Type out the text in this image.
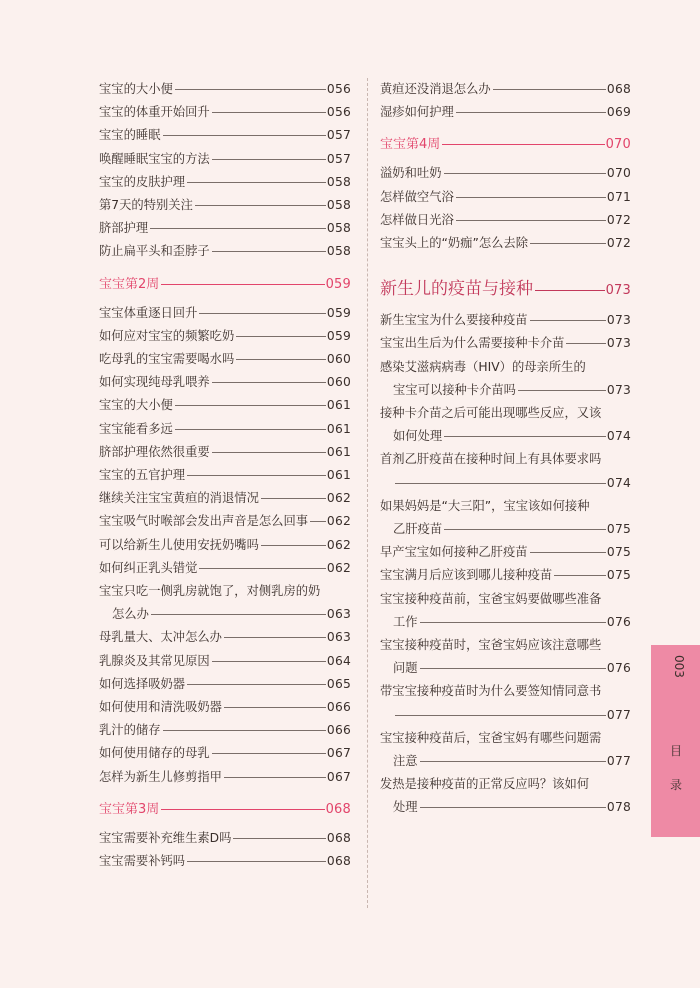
宝宝的大小便	056
宝宝的体重开始回升	056
宝宝的睡眠	057
唤醒睡眠宝宝的方法	057
宝宝的皮肤护理	058
第7天的特别关注	058
脐部护理	058
防止扁平头和歪脖子	058
宝宝第2周	059
宝宝体重逐日回升	059
如何应对宝宝的频繁吃奶	059
吃母乳的宝宝需要喝水吗	060
如何实现纯母乳喂养	060
宝宝的大小便	061
宝宝能看多远	061
脐部护理依然很重要	061
宝宝的五官护理	061
继续关注宝宝黄疸的消退情况	062
宝宝吸气时喉部会发出声音是怎么回事 062
可以给新生儿使用安抚奶嘴吗	062
如何纠正乳头错觉	062
宝宝只吃一侧乳房就饱了，对侧乳房的奶
怎么办	063
母乳量大、太冲怎么办	063
乳腺炎及其常见原因	064
如何选择吸奶器	065
如何使用和清洗吸奶器	066
乳汁的储存	066
如何使用储存的母乳	067
怎样为新生儿修剪指甲	067
宝宝第3周	068
宝宝需要补充维生素D吗	068
宝宝需要补钙吗	068
黄疸还没消退怎么办	068
湿疹如何护理	069
宝宝第4周	070
溢奶和吐奶	070
怎样做空气浴	071
怎样做日光浴	072
宝宝头上的“奶痂”怎么去除	072
新生儿的疫苗与接种	073
新生宝宝为什么要接种疫苗	073
宝宝出生后为什么需要接种卡介苗	073
感染艾滋病病毒（HIV）的母亲所生的
宝宝可以接种卡介苗吗	073
接种卡介苗之后可能出现哪些反应，又该
如何处理	074
首剂乙肝疫苗在接种时间上有具体要求吗
074
如果妈妈是“大三阳”，宝宝该如何接种
乙肝疫苗	075
早产宝宝如何接种乙肝疫苗	075
宝宝满月后应该到哪儿接种疫苗	075
宝宝接种疫苗前，宝爸宝妈要做哪些准备
工作	076
宝宝接种疫苗时，宝爸宝妈应该注意哪些
问题	076
带宝宝接种疫苗时为什么要签知情同意书
077
宝宝接种疫苗后，宝爸宝妈有哪些问题需
注意	077
发热是接种疫苗的正常反应吗？该如何
处理	078
003
目
录
